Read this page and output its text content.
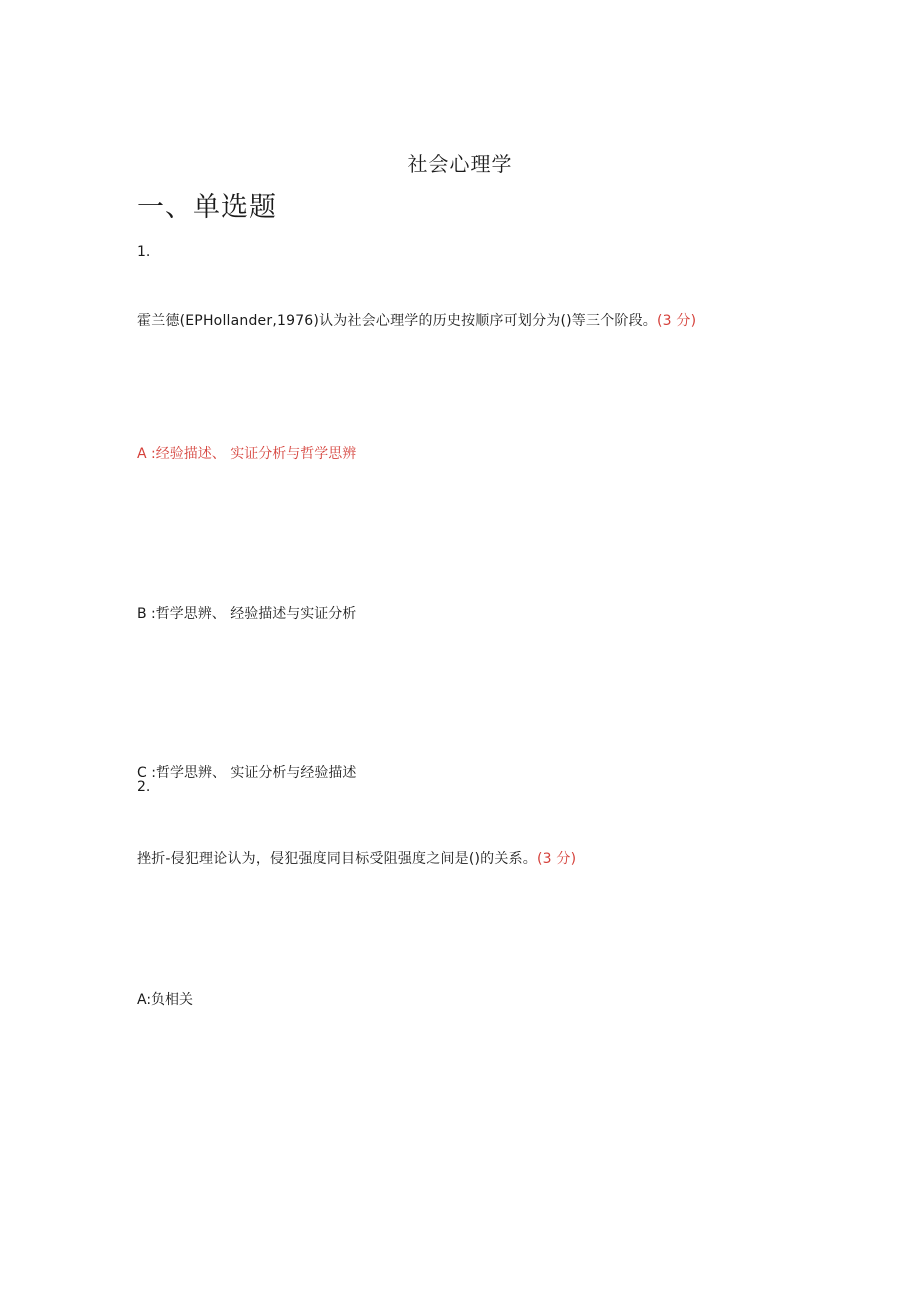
社会心理学
一、单选题
1.
霍兰德(EPHollander,1976)认为社会心理学的历史按顺序可划分为()等三个阶段。(3 分)
A :经验描述、 实证分析与哲学思辨
B :哲学思辨、 经验描述与实证分析
C :哲学思辨、 实证分析与经验描述
2.
挫折-侵犯理论认为，侵犯强度同目标受阻强度之间是()的关系。(3 分)
A:负相关
